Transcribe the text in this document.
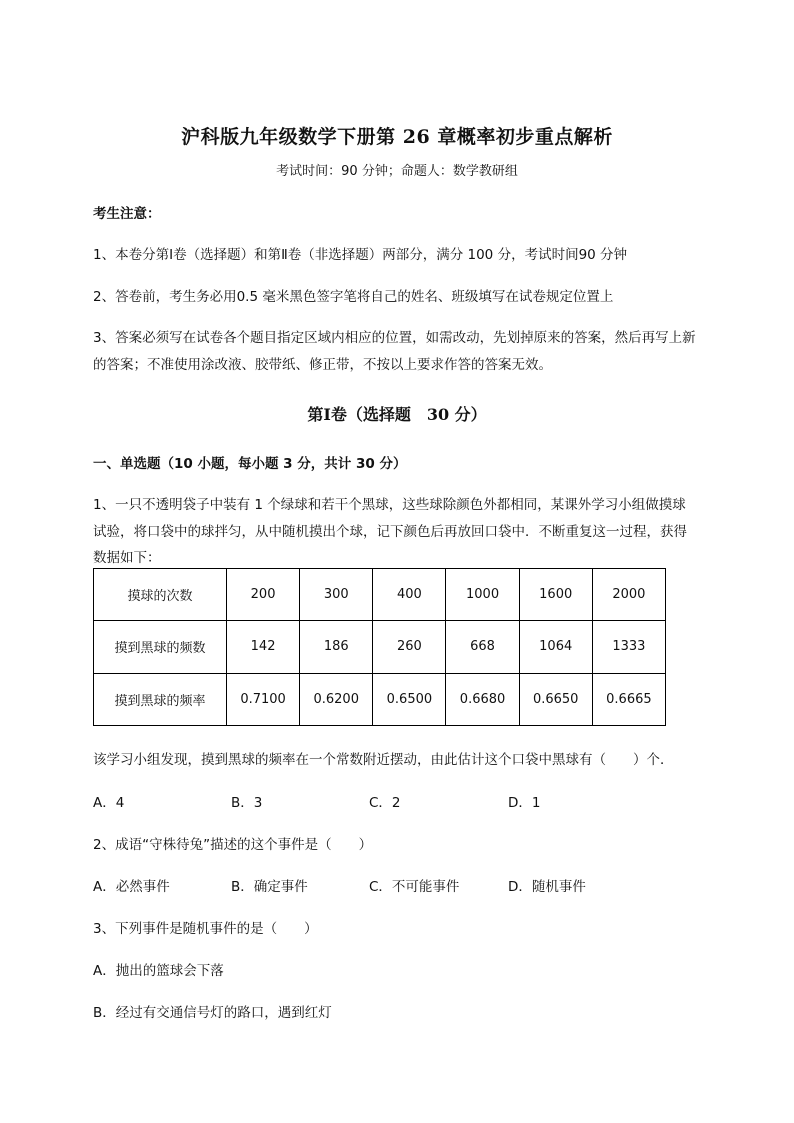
沪科版九年级数学下册第 26 章概率初步重点解析
考试时间：90 分钟；命题人：数学教研组
考生注意：
1、本卷分第Ⅰ卷（选择题）和第Ⅱ卷（非选择题）两部分，满分 100 分，考试时间90 分钟
2、答卷前，考生务必用0.5 毫米黑色签字笔将自己的姓名、班级填写在试卷规定位置上
3、答案必须写在试卷各个题目指定区域内相应的位置，如需改动，先划掉原来的答案，然后再写上新
的答案；不准使用涂改液、胶带纸、修正带，不按以上要求作答的答案无效。
第Ⅰ卷（选择题　30 分）
一、单选题（10 小题，每小题 3 分，共计 30 分）
1、一只不透明袋子中装有 1 个绿球和若干个黑球，这些球除颜色外都相同，某课外学习小组做摸球
试验，将口袋中的球拌匀，从中随机摸出个球，记下颜色后再放回口袋中．不断重复这一过程，获得
数据如下：
摸球的次数	200	300	400	1000	1600	2000
摸到黑球的频数	142	186	260	668	1064	1333
摸到黑球的频率	0.7100	0.6200	0.6500	0.6680	0.6650	0.6665
该学习小组发现，摸到黑球的频率在一个常数附近摆动，由此估计这个口袋中黑球有（　　）个．
A．4	B．3	C．2	D．1
2、成语“守株待兔”描述的这个事件是（　　）
A．必然事件	B．确定事件	C．不可能事件	D．随机事件
3、下列事件是随机事件的是（　　）
A．抛出的篮球会下落
B．经过有交通信号灯的路口，遇到红灯
